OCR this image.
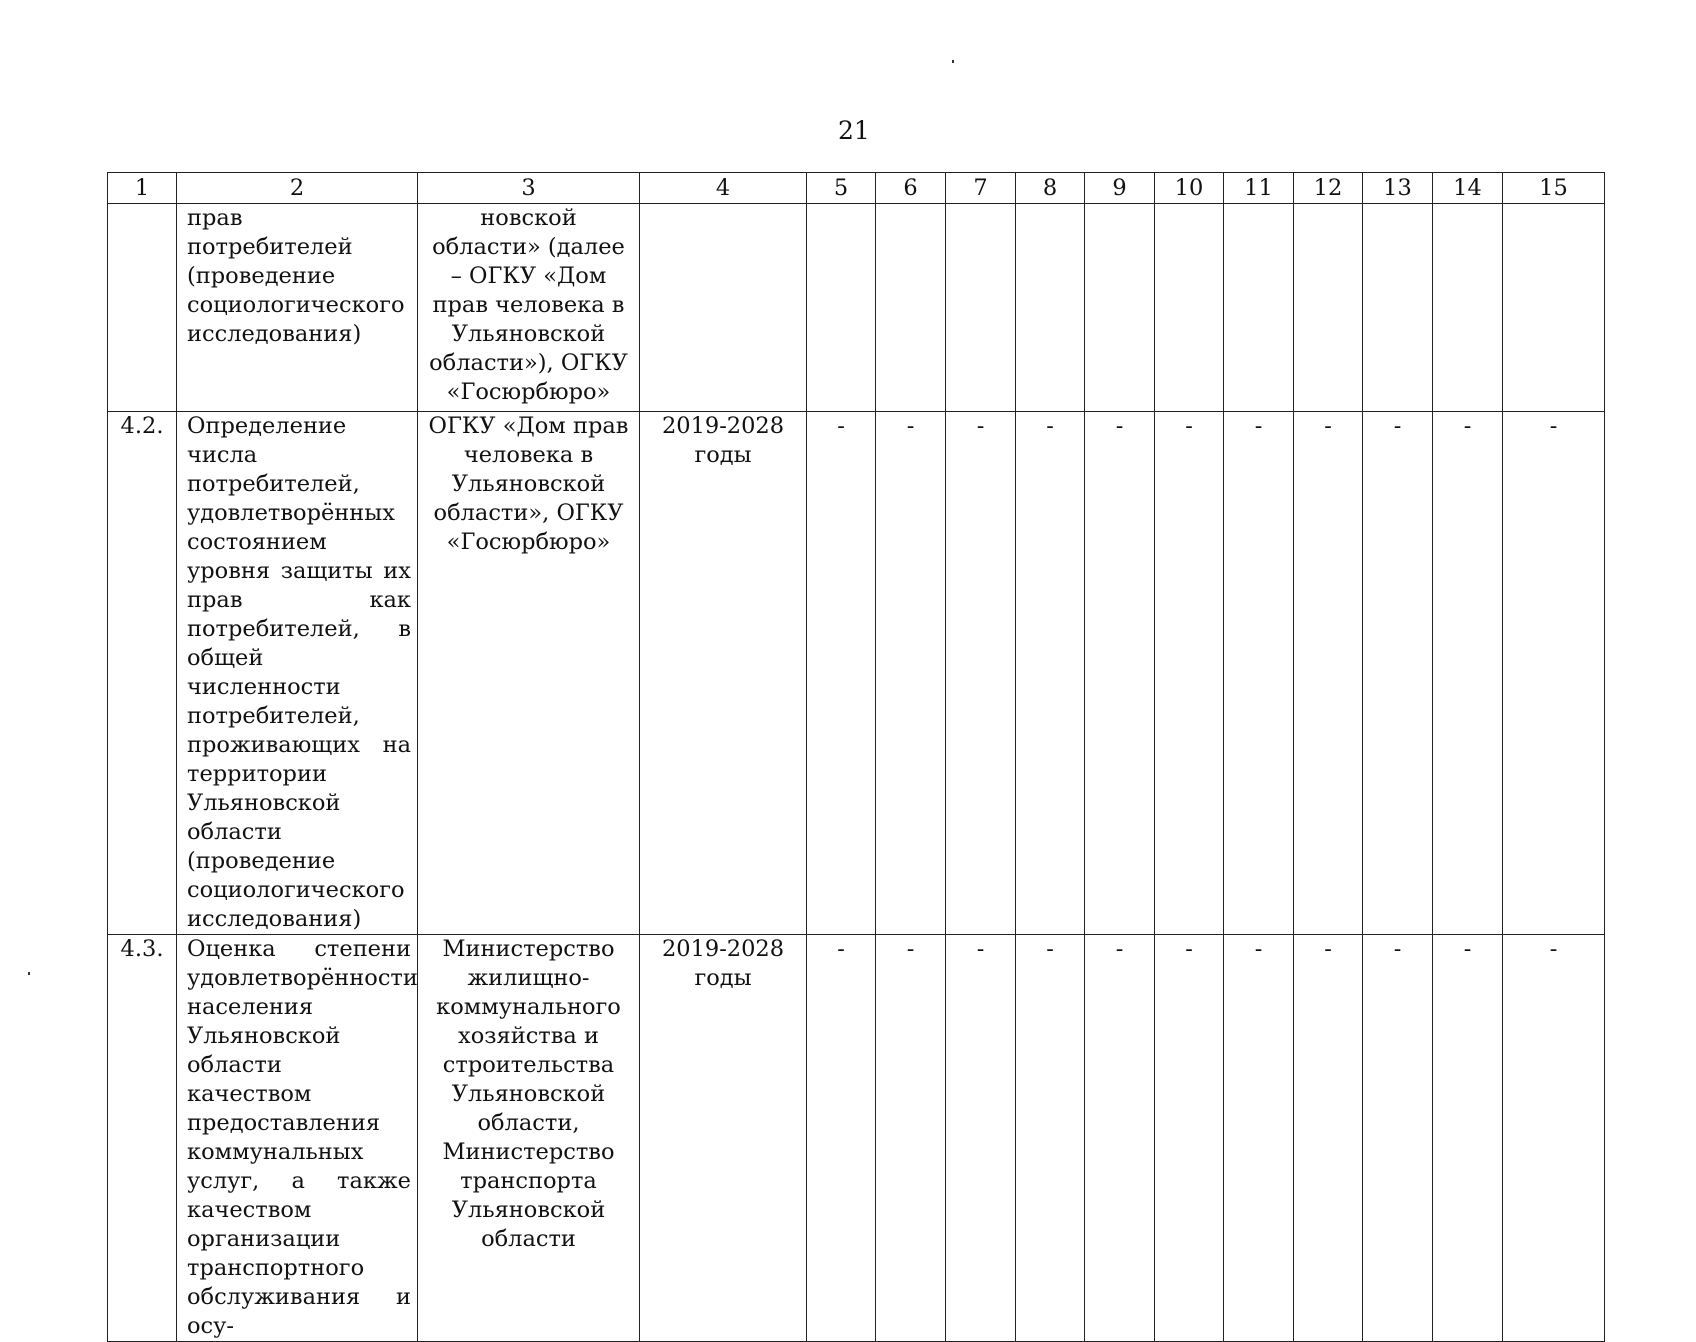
21
1	2	3	4	5	6	7	8	9	10	11	12	13	14	15
	прав потребителей (проведение социологического исследования)	новской области» (далее – ОГКУ «Дом прав человека в Ульяновской области»), ОГКУ «Госюрбюро»												
4.2.	Определение числа потребителей, удовлетворённых состоянием уровня защиты их прав как потребителей, в общей численности потребителей, проживающих на территории Ульяновской области (проведение социологического исследования)	ОГКУ «Дом прав человека в Ульяновской области», ОГКУ «Госюрбюро»	2019-2028 годы	-	-	-	-	-	-	-	-	-	-	-
4.3.	Оценка степени удовлетворённости населения Ульяновской области качеством предоставления коммунальных услуг, а также качеством организации транспортного обслуживания и осу-	Министерство жилищно-коммунального хозяйства и строительства Ульяновской области, Министерство транспорта Ульяновской области	2019-2028 годы	-	-	-	-	-	-	-	-	-	-	-
